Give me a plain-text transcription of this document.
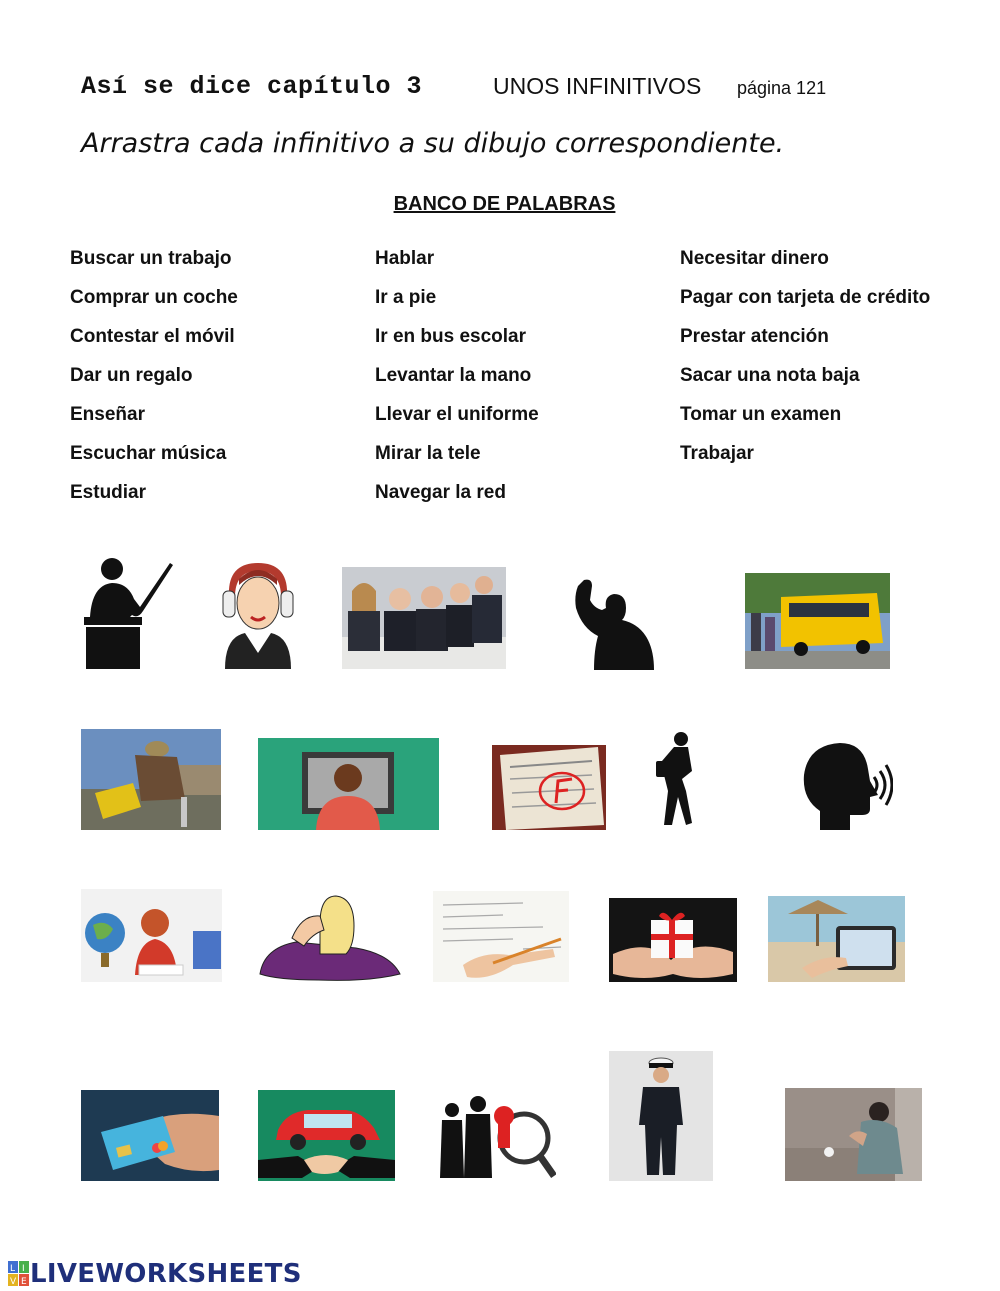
Así se dice capítulo 3	UNOS INFINITIVOS página 121
Arrastra cada infinitivo a su dibujo correspondiente.
BANCO DE PALABRAS
Buscar un trabajo
Comprar un coche
Contestar el móvil
Dar un regalo
Enseñar
Escuchar música
Estudiar
Hablar
Ir a pie
Ir en bus escolar
Levantar la mano
Llevar el uniforme
Mirar la tele
Navegar la red
Necesitar dinero
Pagar con tarjeta de crédito
Prestar atención
Sacar una nota baja
Tomar un examen
Trabajar
L I
V E LIVEWORKSHEETS
